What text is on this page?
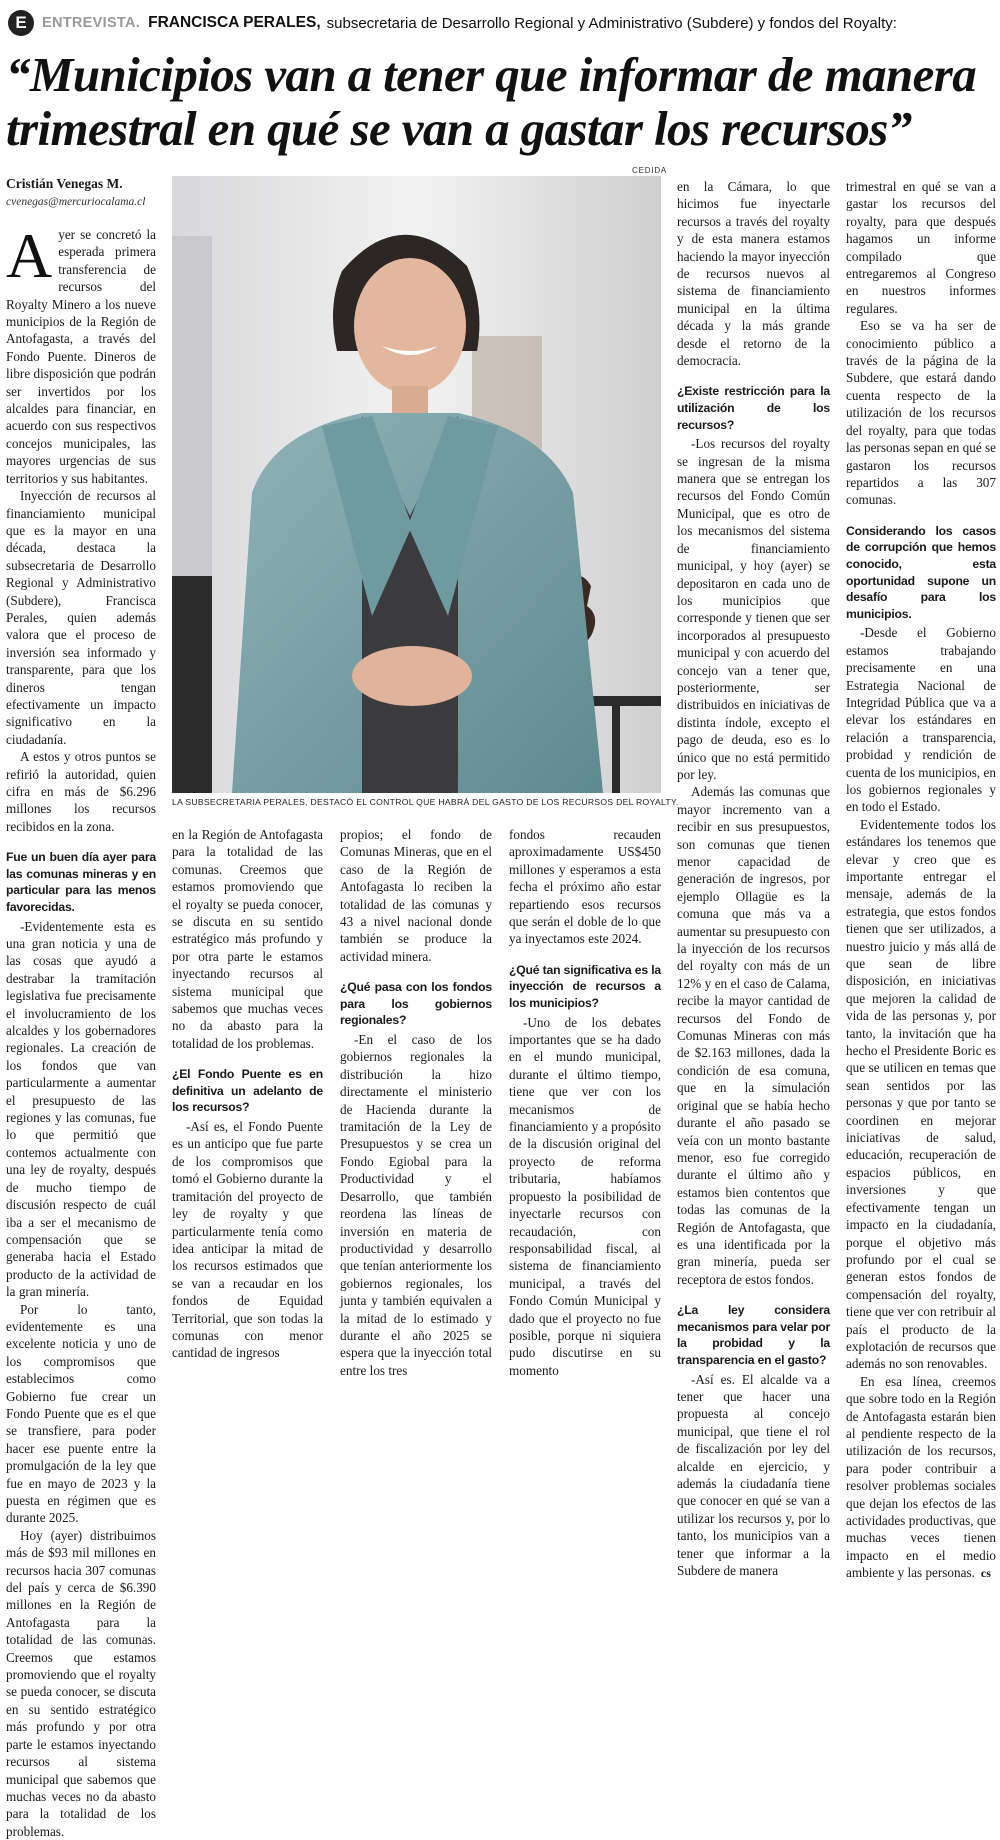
E	ENTREVISTA. FRANCISCA PERALES, subsecretaria de Desarrollo Regional y Administrativo (Subdere) y fondos del Royalty:
“Municipios van a tener que informar de manera
trimestral en qué se van a gastar los recursos”
Cristián Venegas M.
cvenegas@mercuriocalama.cl

Ayer se concretó la esperada primera transferencia de recursos del Royalty Minero a los nueve municipios de la Región de Antofagasta, a través del Fondo Puente. Dineros de libre disposición que podrán ser invertidos por los alcaldes para financiar, en acuerdo con sus respectivos concejos municipales, las mayores urgencias de sus territorios y sus habitantes.

Inyección de recursos al financiamiento municipal que es la mayor en una década, destaca la subsecretaria de Desarrollo Regional y Administrativo (Subdere), Francisca Perales, quien además valora que el proceso de inversión sea informado y transparente, para que los dineros tengan efectivamente un impacto significativo en la ciudadanía.

A estos y otros puntos se refirió la autoridad, quien cifra en más de $6.296 millones los recursos recibidos en la zona.

Fue un buen día ayer para las comunas mineras y en particular para las menos favorecidas.

-Evidentemente esta es una gran noticia y una de las cosas que ayudó a destrabar la tramitación legislativa fue precisamente el involucramiento de los alcaldes y los gobernadores regionales. La creación de los fondos que van particularmente a aumentar el presupuesto de las regiones y las comunas, fue lo que permitió que contemos actualmente con una ley de royalty, después de mucho tiempo de discusión respecto de cuál iba a ser el mecanismo de compensación que se generaba hacia el Estado producto de la actividad de la gran minería.

Por lo tanto, evidentemente es una excelente noticia y uno de los compromisos que establecimos como Gobierno fue crear un Fondo Puente que es el que se transfiere, para poder hacer ese puente entre la promulgación de la ley que fue en mayo de 2023 y la puesta en régimen que es durante 2025.

Hoy (ayer) distribuimos más de $93 mil millones en recursos hacia 307 comunas del país y cerca de $6.390 millones en la Región de Antofagasta para la totalidad de las comunas. Creemos que estamos promoviendo que el royalty se pueda conocer, se discuta en su sentido estratégico más profundo y por otra parte le estamos inyectando recursos al sistema municipal que sabemos que muchas veces no da abasto para la totalidad de los problemas.

CEDIDA
LA SUBSECRETARIA PERALES, DESTACÓ EL CONTROL QUE HABRÁ DEL GASTO DE LOS RECURSOS DEL ROYALTY.

en la Región de Antofagasta para la totalidad de las comunas. Creemos que estamos promoviendo que el royalty se pueda conocer, se discuta en su sentido estratégico más profundo y por otra parte le estamos inyectando recursos al sistema municipal que sabemos que muchas veces no da abasto para la totalidad de los problemas.

¿El Fondo Puente es en definitiva un adelanto de los recursos?

-Así es, el Fondo Puente es un anticipo que fue parte de los compromisos que tomó el Gobierno durante la tramitación del proyecto de ley de royalty y que particularmente tenía como idea anticipar la mitad de los recursos estimados que se van a recaudar en los fondos de Equidad Territorial, que son todas la comunas con menor cantidad de ingresos

propios; el fondo de Comunas Mineras, que en el caso de la Región de Antofagasta lo reciben la totalidad de las comunas y 43 a nivel nacional donde también se produce la actividad minera.

¿Qué pasa con los fondos para los gobiernos regionales?

-En el caso de los gobiernos regionales la distribución la hizo directamente el ministerio de Hacienda durante la tramitación de la Ley de Presupuestos y se crea un Fondo Egiobal para la Productividad y el Desarrollo, que también reordena las líneas de inversión en materia de productividad y desarrollo que tenían anteriormente los gobiernos regionales, los junta y también equivalen a la mitad de lo estimado y durante el año 2025 se espera que la inyección total entre los tres

fondos recauden aproximadamente US$450 millones y esperamos a esta fecha el próximo año estar repartiendo esos recursos que serán el doble de lo que ya inyectamos este 2024.

¿Qué tan significativa es la inyección de recursos a los municipios?

-Uno de los debates importantes que se ha dado en el mundo municipal, durante el último tiempo, tiene que ver con los mecanismos de financiamiento y a propósito de la discusión original del proyecto de reforma tributaria, habíamos propuesto la posibilidad de inyectarle recursos con recaudación, con responsabilidad fiscal, al sistema de financiamiento municipal, a través del Fondo Común Municipal y dado que el proyecto no fue posible, porque ni siquiera pudo discutirse en su momento

en la Cámara, lo que hicimos fue inyectarle recursos a través del royalty y de esta manera estamos haciendo la mayor inyección de recursos nuevos al sistema de financiamiento municipal en la última década y la más grande desde el retorno de la democracia.

¿Existe restricción para la utilización de los recursos?

-Los recursos del royalty se ingresan de la misma manera que se entregan los recursos del Fondo Común Municipal, que es otro de los mecanismos del sistema de financiamiento municipal, y hoy (ayer) se depositaron en cada uno de los municipios que corresponde y tienen que ser incorporados al presupuesto municipal y con acuerdo del concejo van a tener que, posteriormente, ser distribuidos en iniciativas de distinta índole, excepto el pago de deuda, eso es lo único que no está permitido por ley.

Además las comunas que mayor incremento van a recibir en sus presupuestos, son comunas que tienen menor capacidad de generación de ingresos, por ejemplo Ollagüe es la comuna que más va a aumentar su presupuesto con la inyección de los recursos del royalty con más de un 12% y en el caso de Calama, recibe la mayor cantidad de recursos del Fondo de Comunas Mineras con más de $2.163 millones, dada la condición de esa comuna, que en la simulación original que se había hecho durante el año pasado se veía con un monto bastante menor, eso fue corregido durante el último año y estamos bien contentos que todas las comunas de la Región de Antofagasta, que es una identificada por la gran minería, pueda ser receptora de estos fondos.

¿La ley considera mecanismos para velar por la probidad y la transparencia en el gasto?

-Así es. El alcalde va a tener que hacer una propuesta al concejo municipal, que tiene el rol de fiscalización por ley del alcalde en ejercicio, y además la ciudadanía tiene que conocer en qué se van a utilizar los recursos y, por lo tanto, los municipios van a tener que informar a la Subdere de manera

trimestral en qué se van a gastar los recursos del royalty, para que después hagamos un informe compilado que entregaremos al Congreso en nuestros informes regulares.

Eso se va ha ser de conocimiento público a través de la página de la Subdere, que estará dando cuenta respecto de la utilización de los recursos del royalty, para que todas las personas sepan en qué se gastaron los recursos repartidos a las 307 comunas.

Considerando los casos de corrupción que hemos conocido, esta oportunidad supone un desafío para los municipios.

-Desde el Gobierno estamos trabajando precisamente en una Estrategia Nacional de Integridad Pública que va a elevar los estándares en relación a transparencia, probidad y rendición de cuenta de los municipios, en los gobiernos regionales y en todo el Estado.

Evidentemente todos los estándares los tenemos que elevar y creo que es importante entregar el mensaje, además de la estrategia, que estos fondos tienen que ser utilizados, a nuestro juicio y más allá de que sean de libre disposición, en iniciativas que mejoren la calidad de vida de las personas y, por tanto, la invitación que ha hecho el Presidente Boric es que se utilicen en temas que sean sentidos por las personas y que por tanto se coordinen en mejorar iniciativas de salud, educación, recuperación de espacios públicos, en inversiones y que efectivamente tengan un impacto en la ciudadanía, porque el objetivo más profundo por el cual se generan estos fondos de compensación del royalty, tiene que ver con retribuir al país el producto de la explotación de recursos que además no son renovables.

En esa línea, creemos que sobre todo en la Región de Antofagasta estarán bien al pendiente respecto de la utilización de los recursos, para poder contribuir a resolver problemas sociales que dejan los efectos de las actividades productivas, que muchas veces tienen impacto en el medio ambiente y las personas. cs
